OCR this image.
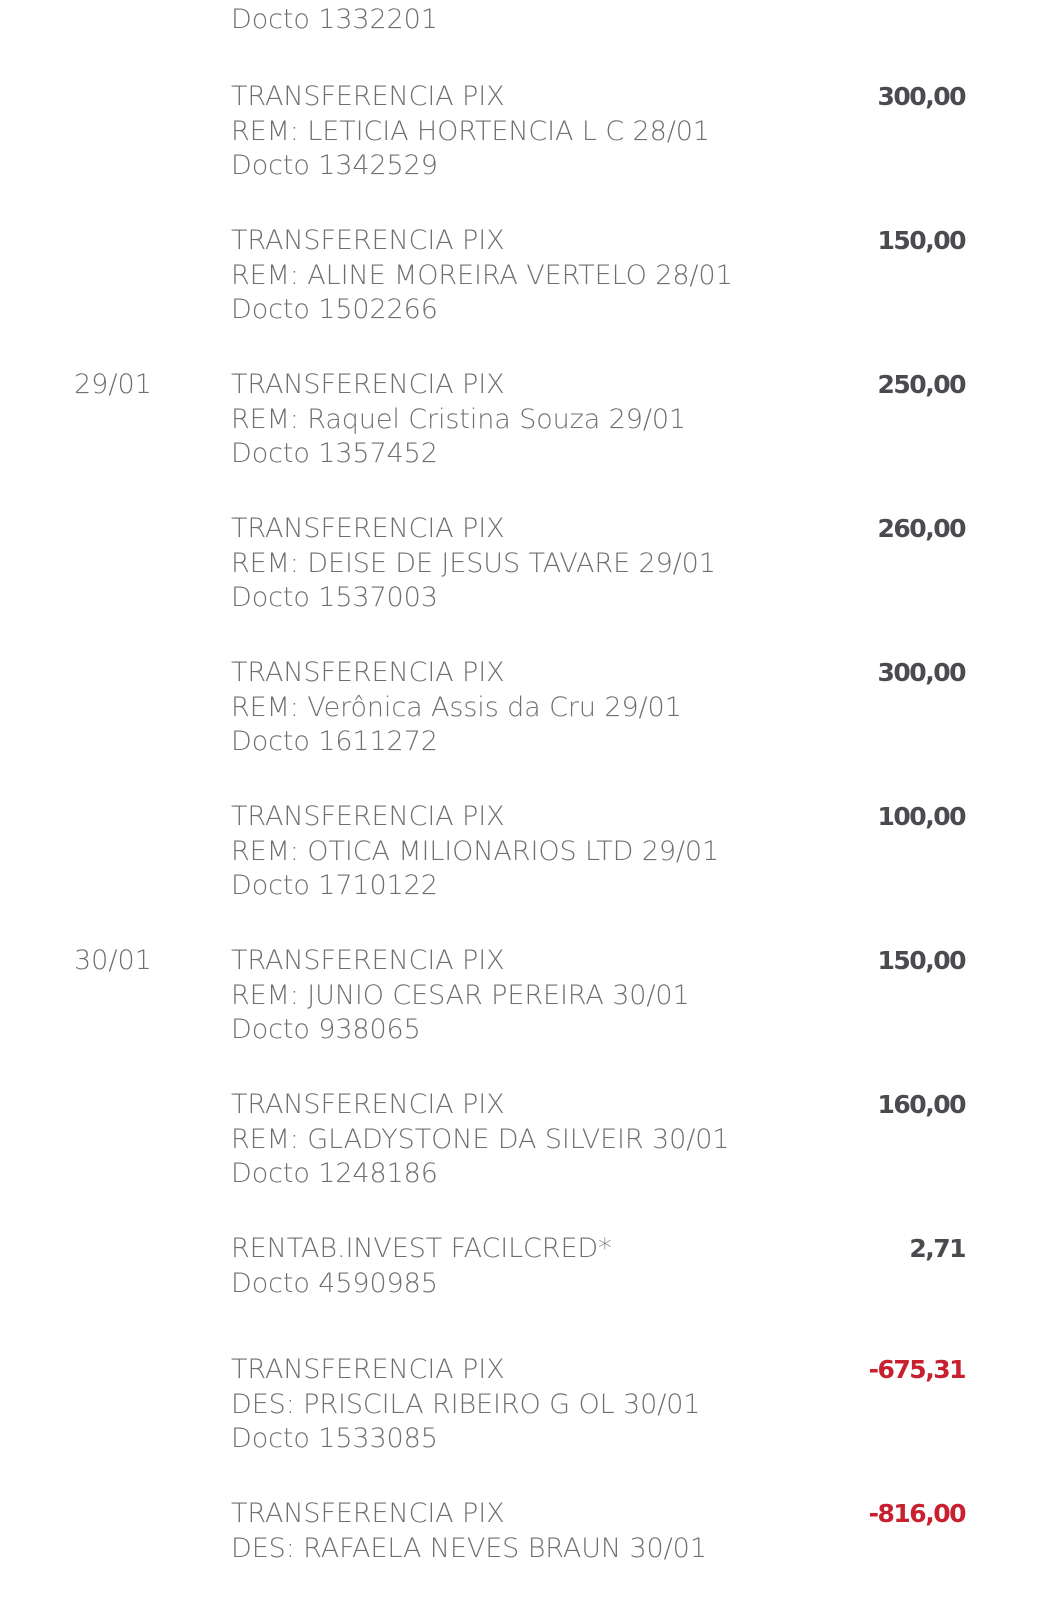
Docto 1332201
TRANSFERENCIA PIX
REM: LETICIA HORTENCIA L C 28/01
Docto 1342529
300,00
TRANSFERENCIA PIX
REM: ALINE MOREIRA VERTELO 28/01
Docto 1502266
150,00
29/01	TRANSFERENCIA PIX
REM: Raquel Cristina Souza 29/01
Docto 1357452
250,00
TRANSFERENCIA PIX
REM: DEISE DE JESUS TAVARE 29/01
Docto 1537003
260,00
TRANSFERENCIA PIX
REM: Verônica Assis da Cru 29/01
Docto 1611272
300,00
TRANSFERENCIA PIX
REM: OTICA MILIONARIOS LTD 29/01
Docto 1710122
100,00
30/01	TRANSFERENCIA PIX
REM: JUNIO CESAR PEREIRA 30/01
Docto 938065
150,00
TRANSFERENCIA PIX
REM: GLADYSTONE DA SILVEIR 30/01
Docto 1248186
160,00
RENTAB.INVEST FACILCRED*
Docto 4590985
2,71
TRANSFERENCIA PIX
DES: PRISCILA RIBEIRO G OL 30/01
Docto 1533085
-675,31
TRANSFERENCIA PIX
DES: RAFAELA NEVES BRAUN 30/01
-816,00
